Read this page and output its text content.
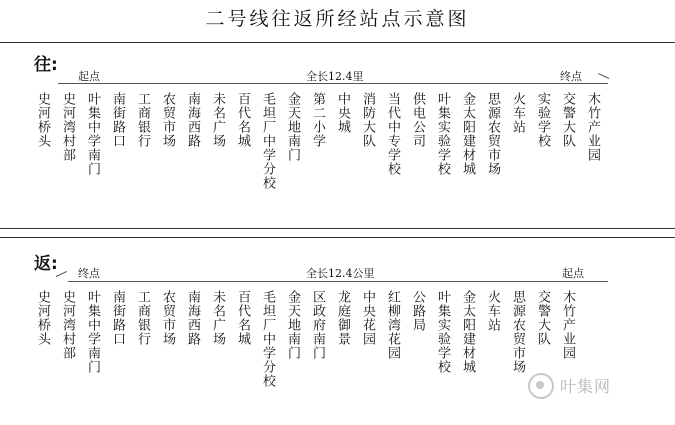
二号线往返所经站点示意图
往:
起点	全长12.4里	终点
史河桥头 史河湾村部 叶集中学南门 南街路口 工商银行 农贸市场 南海西路 未名广场 百代名城 毛坦厂中学分校 金天地南门 第二小学 中央城 消防大队 当代中专学校 供电公司 叶集实验学校 金太阳建材城 思源农贸市场 火车站 实验学校 交警大队 木竹产业园
返: 终点	全长12.4公里	起点
史河桥头 史河湾村部 叶集中学南门 南街路口 工商银行 农贸市场 南海西路 未名广场 百代名城 毛坦厂中学分校 金天地南门 区政府南门 龙庭御景 中央花园 红柳湾花园 公路局 叶集实验学校 金太阳建材城 火车站 思源农贸市场 交警大队 木竹产业园
叶集网
